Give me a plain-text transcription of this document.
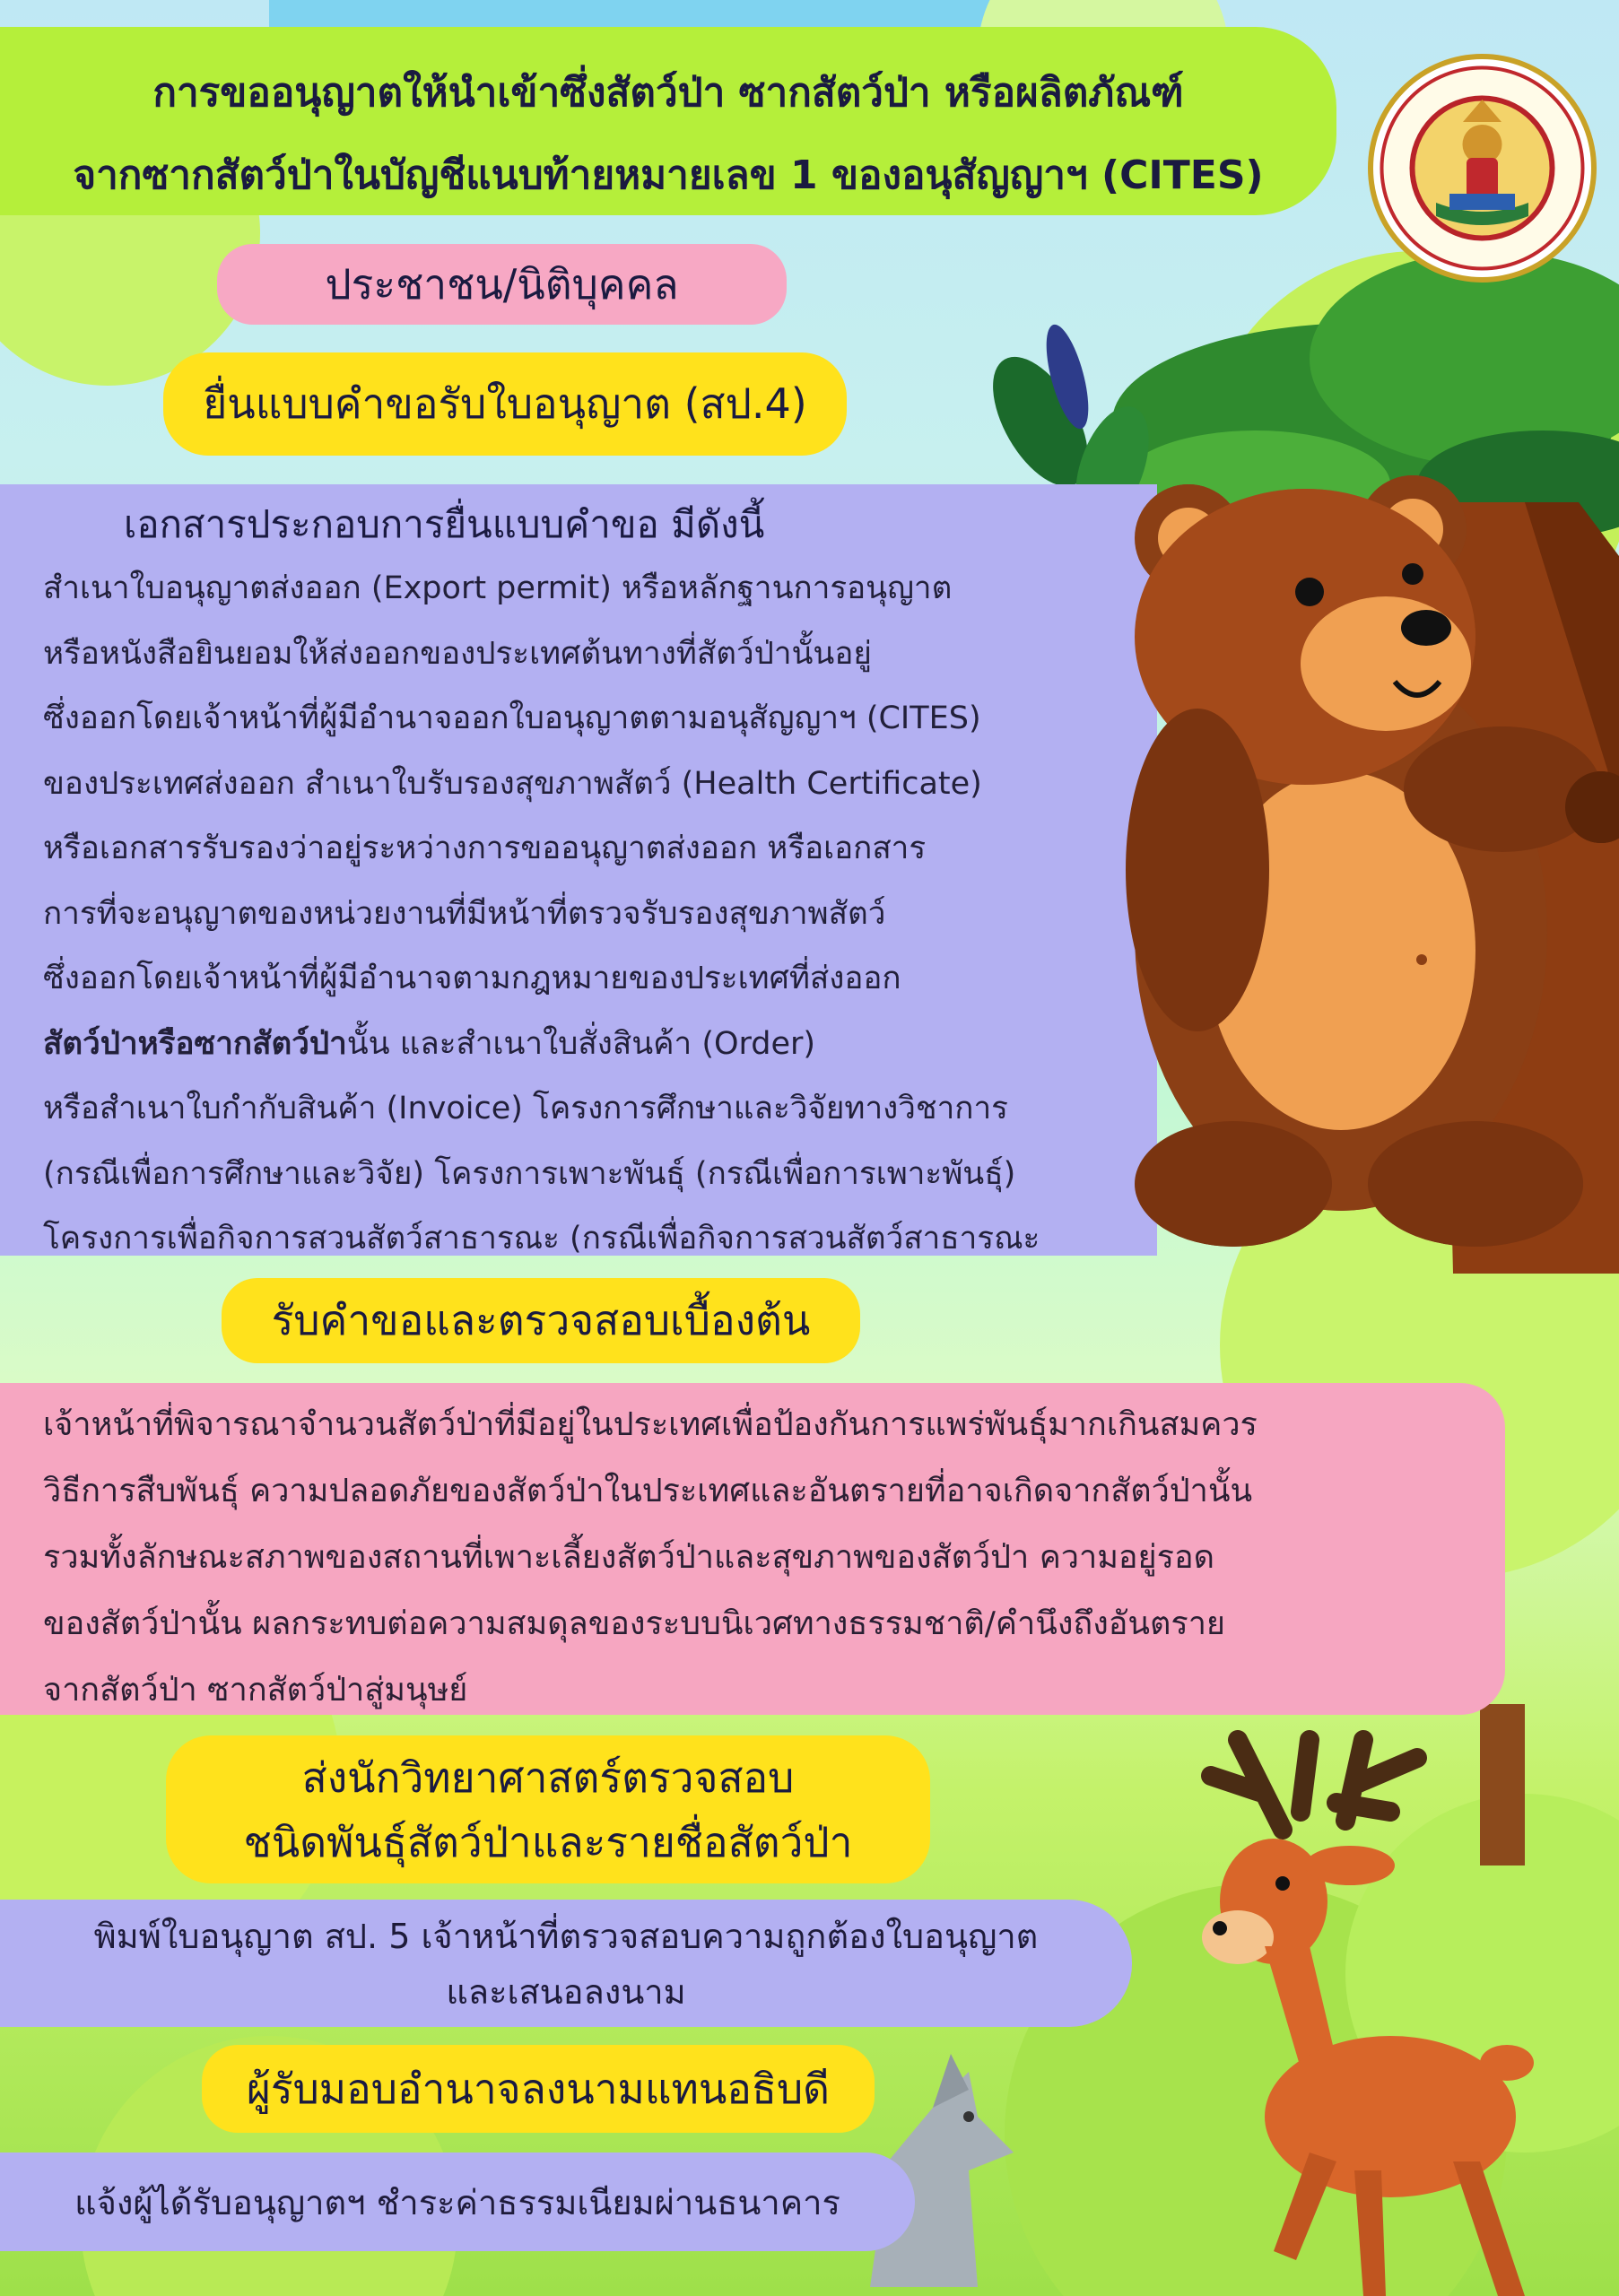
การขออนุญาตให้นำเข้าซึ่งสัตว์ป่า ซากสัตว์ป่า หรือผลิตภัณฑ์
จากซากสัตว์ป่าในบัญชีแนบท้ายหมายเลข 1 ของอนุสัญญาฯ (CITES)
ประชาชน/นิติบุคคล
ยื่นแบบคำขอรับใบอนุญาต (สป.4)
เอกสารประกอบการยื่นแบบคำขอ มีดังนี้
สำเนาใบอนุญาตส่งออก (Export permit) หรือหลักฐานการอนุญาต
หรือหนังสือยินยอมให้ส่งออกของประเทศต้นทางที่สัตว์ป่านั้นอยู่
ซึ่งออกโดยเจ้าหน้าที่ผู้มีอำนาจออกใบอนุญาตตามอนุสัญญาฯ (CITES)
ของประเทศส่งออก สำเนาใบรับรองสุขภาพสัตว์ (Health Certificate)
หรือเอกสารรับรองว่าอยู่ระหว่างการขออนุญาตส่งออก หรือเอกสาร
การที่จะอนุญาตของหน่วยงานที่มีหน้าที่ตรวจรับรองสุขภาพสัตว์
ซึ่งออกโดยเจ้าหน้าที่ผู้มีอำนาจตามกฎหมายของประเทศที่ส่งออก
สัตว์ป่าหรือซากสัตว์ป่านั้น และสำเนาใบสั่งสินค้า (Order)
หรือสำเนาใบกำกับสินค้า (Invoice) โครงการศึกษาและวิจัยทางวิชาการ
(กรณีเพื่อการศึกษาและวิจัย) โครงการเพาะพันธุ์ (กรณีเพื่อการเพาะพันธุ์)
โครงการเพื่อกิจการสวนสัตว์สาธารณะ (กรณีเพื่อกิจการสวนสัตว์สาธารณะ
รับคำขอและตรวจสอบเบื้องต้น
เจ้าหน้าที่พิจารณาจำนวนสัตว์ป่าที่มีอยู่ในประเทศเพื่อป้องกันการแพร่พันธุ์มากเกินสมควร
วิธีการสืบพันธุ์ ความปลอดภัยของสัตว์ป่าในประเทศและอันตรายที่อาจเกิดจากสัตว์ป่านั้น
รวมทั้งลักษณะสภาพของสถานที่เพาะเลี้ยงสัตว์ป่าและสุขภาพของสัตว์ป่า ความอยู่รอด
ของสัตว์ป่านั้น ผลกระทบต่อความสมดุลของระบบนิเวศทางธรรมชาติ/คำนึงถึงอันตราย
จากสัตว์ป่า ซากสัตว์ป่าสู่มนุษย์
ส่งนักวิทยาศาสตร์ตรวจสอบ
ชนิดพันธุ์สัตว์ป่าและรายชื่อสัตว์ป่า
พิมพ์ใบอนุญาต สป. 5 เจ้าหน้าที่ตรวจสอบความถูกต้องใบอนุญาต
และเสนอลงนาม
ผู้รับมอบอำนาจลงนามแทนอธิบดี
แจ้งผู้ได้รับอนุญาตฯ ชำระค่าธรรมเนียมผ่านธนาคาร
